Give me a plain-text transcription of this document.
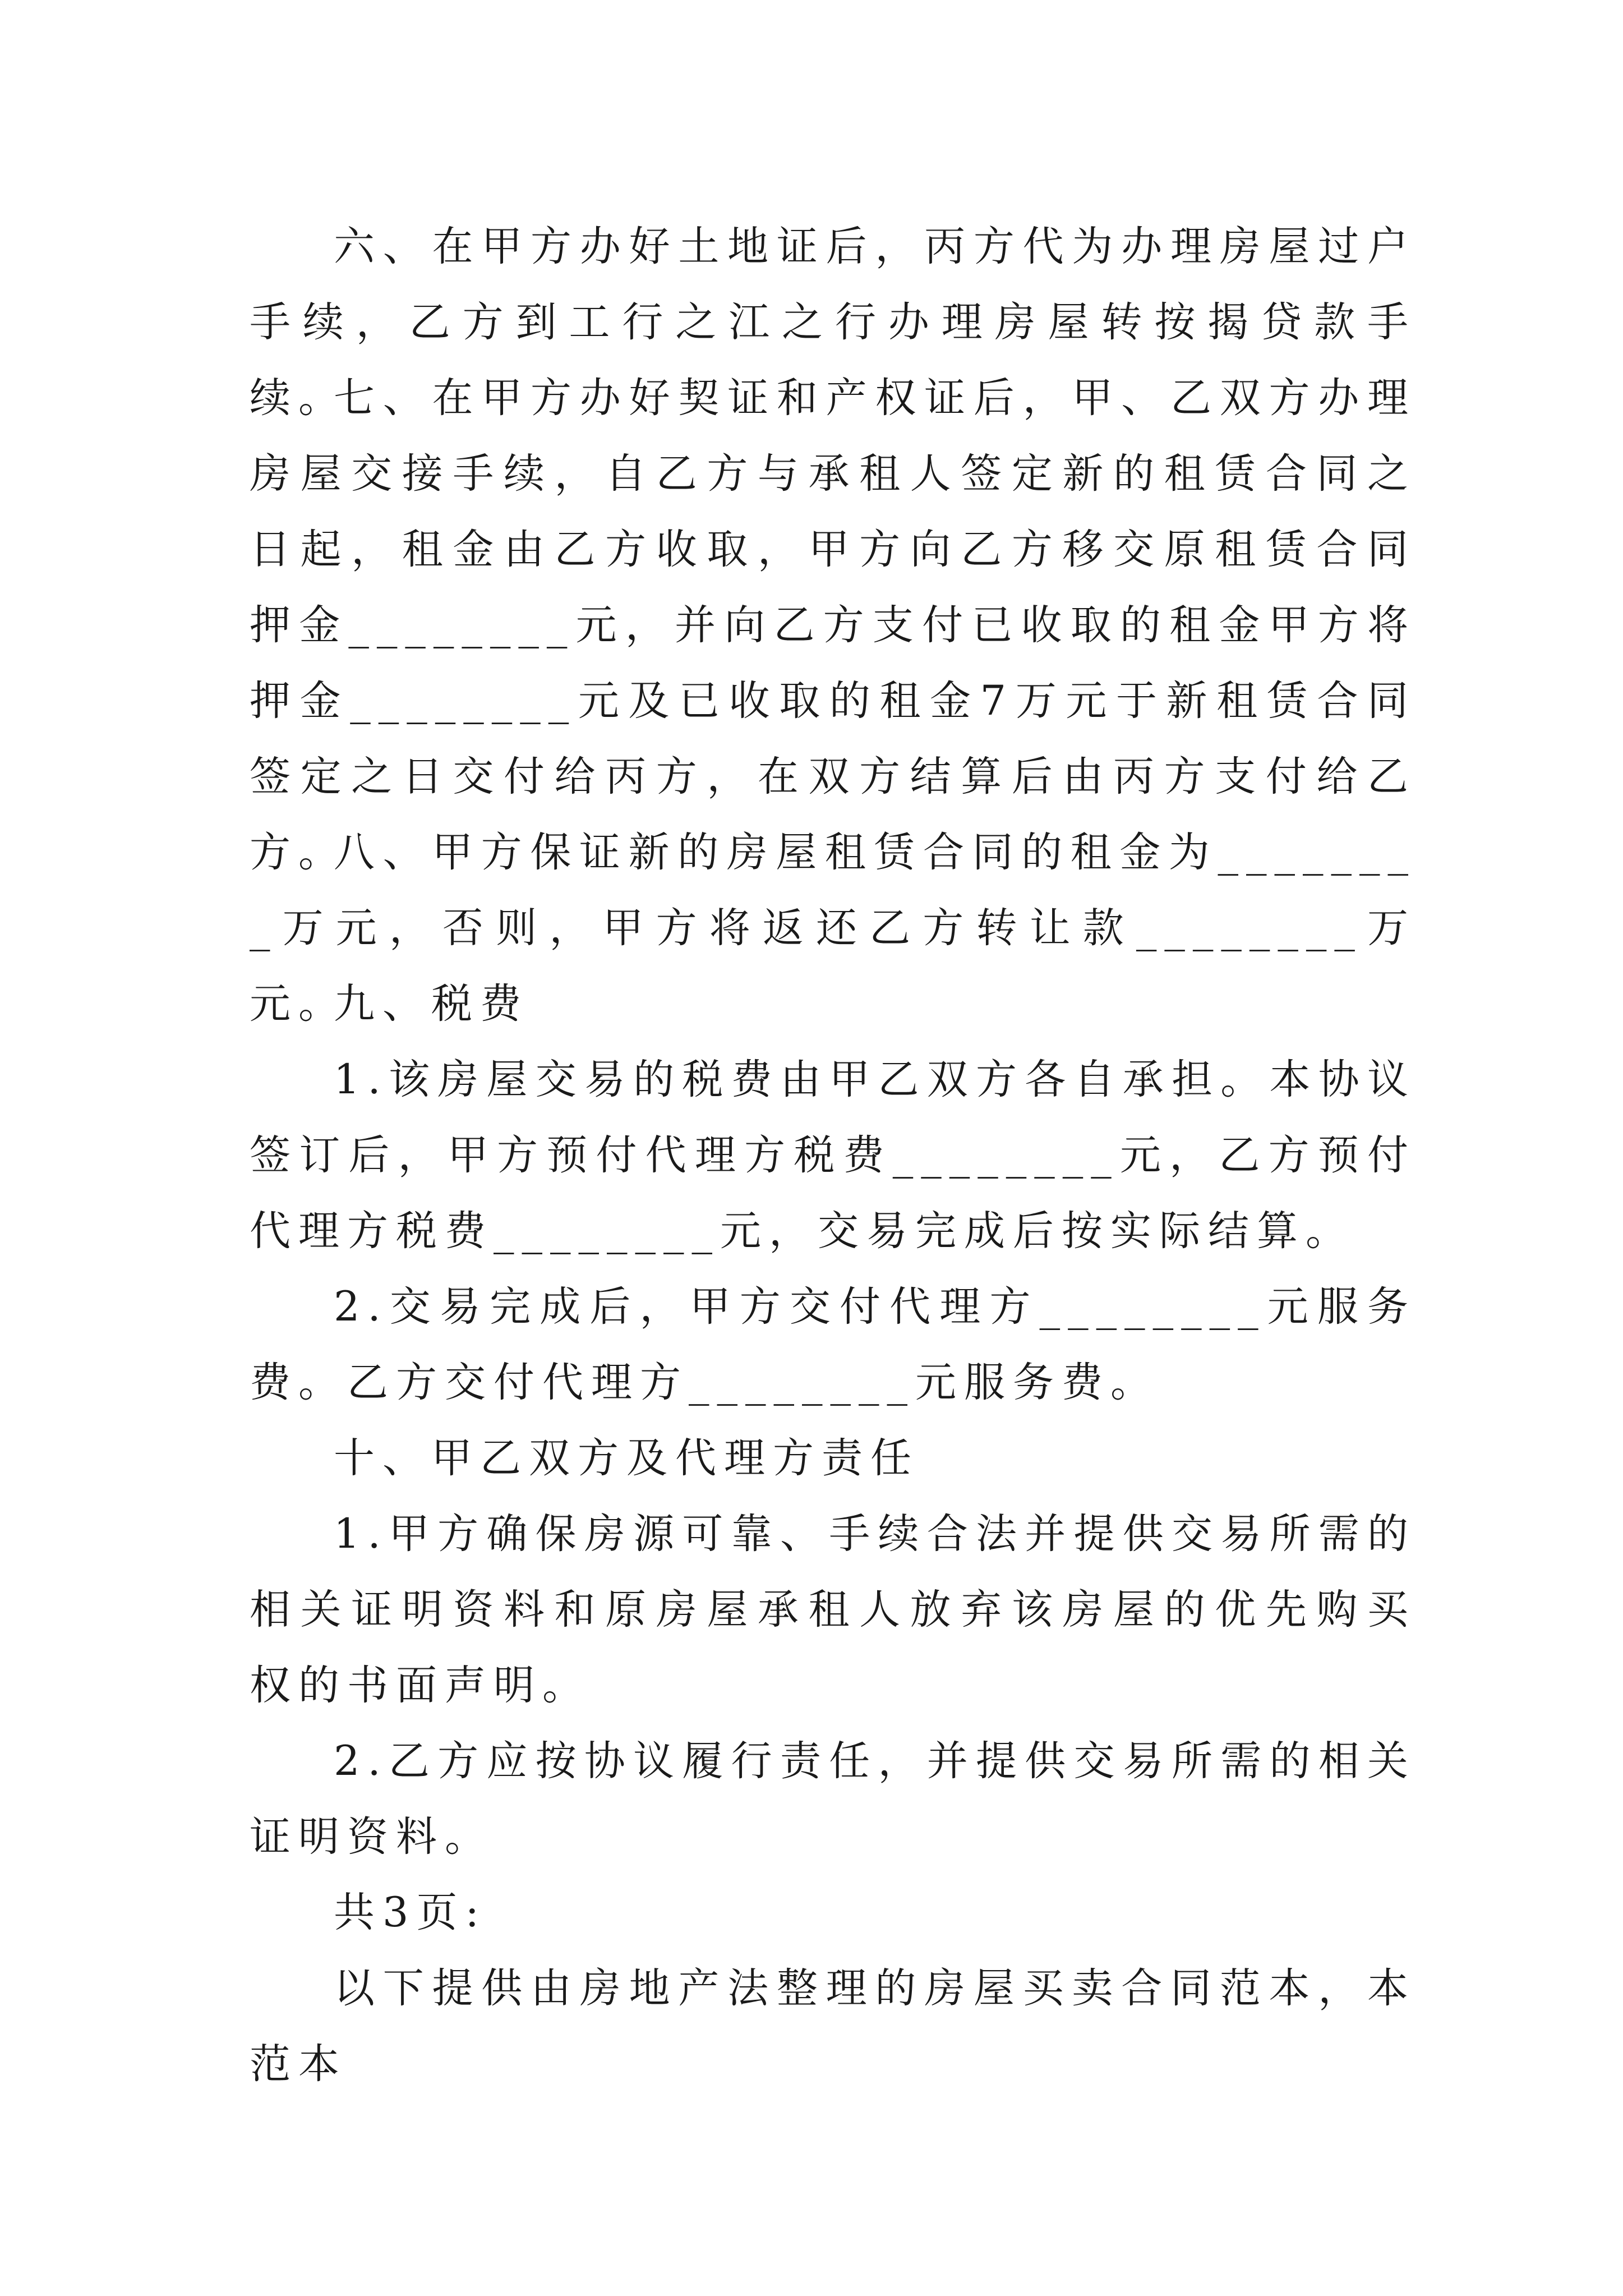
六、在甲方办好土地证后，丙方代为办理房屋过户手续，乙方到工行之江之行办理房屋转按揭贷款手续。

七、在甲方办好契证和产权证后，甲、乙双方办理房屋交接手续，自乙方与承租人签定新的租赁合同之日起，租金由乙方收取，甲方向乙方移交原租赁合同押金________元，并向乙方支付已收取的租金甲方将押金________元及已收取的租金7万元于新租赁合同签定之日交付给丙方，在双方结算后由丙方支付给乙方。

八、甲方保证新的房屋租赁合同的租金为________万元，否则，甲方将返还乙方转让款________万元。

九、税费

1.该房屋交易的税费由甲乙双方各自承担。本协议签订后，甲方预付代理方税费________元，乙方预付代理方税费________元，交易完成后按实际结算。

2.交易完成后，甲方交付代理方________元服务费。乙方交付代理方________元服务费。

十、甲乙双方及代理方责任

1.甲方确保房源可靠、手续合法并提供交易所需的相关证明资料和原房屋承租人放弃该房屋的优先购买权的书面声明。

2.乙方应按协议履行责任，并提供交易所需的相关证明资料。

共3页:

以下提供由房地产法整理的房屋买卖合同范本，本范本
